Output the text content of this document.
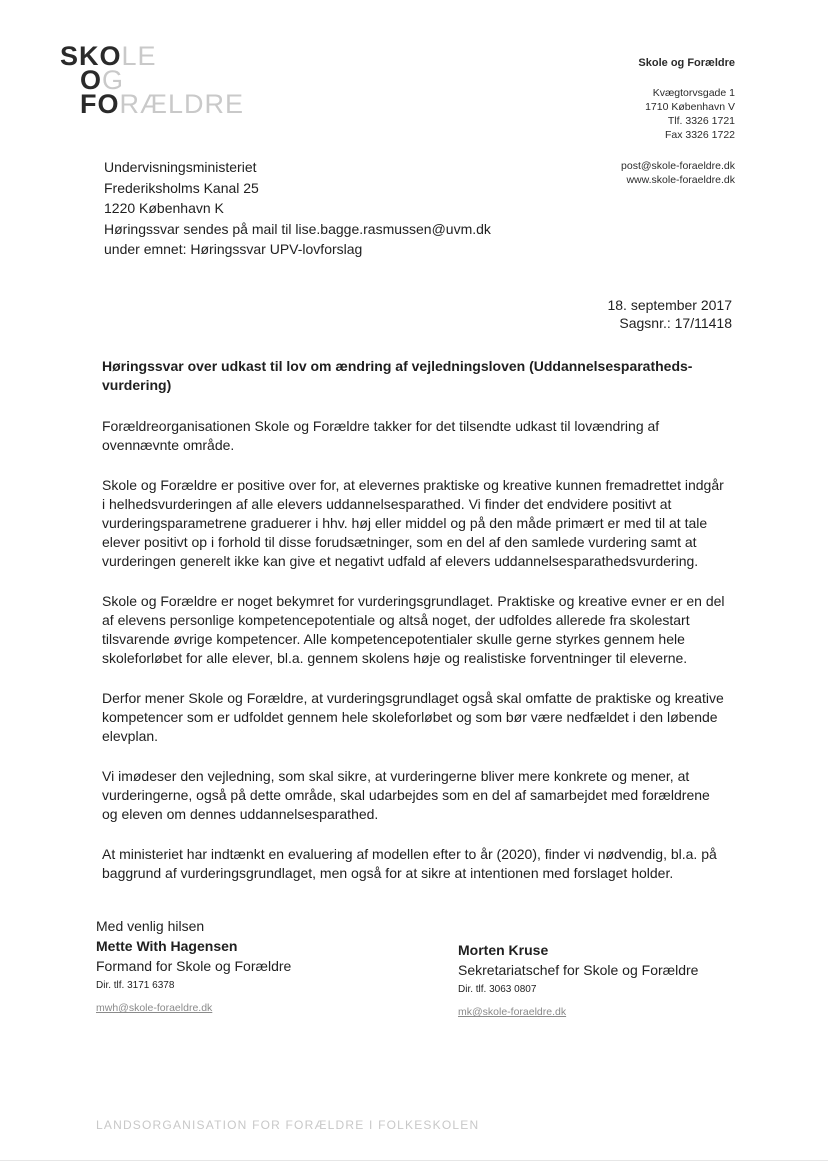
SKOLE
OG
FORÆLDRE
Skole og Forældre
Kvægtorvsgade 1
1710 København V
Tlf. 3326 1721
Fax 3326 1722
post@skole-foraeldre.dk
www.skole-foraeldre.dk
Undervisningsministeriet
Frederiksholms Kanal 25
1220 København K
Høringssvar sendes på mail til lise.bagge.rasmussen@uvm.dk
under emnet: Høringssvar UPV-lovforslag
18. september 2017
Sagsnr.: 17/11418
Høringssvar over udkast til lov om ændring af vejledningsloven (Uddannelsesparatheds-vurdering)

Forældreorganisationen Skole og Forældre takker for det tilsendte udkast til lovændring af ovennævnte område.

Skole og Forældre er positive over for, at elevernes praktiske og kreative kunnen fremadrettet indgår i helhedsvurderingen af alle elevers uddannelsesparathed. Vi finder det endvidere positivt at vurderingsparametrene graduerer i hhv. høj eller middel og på den måde primært er med til at tale elever positivt op i forhold til disse forudsætninger, som en del af den samlede vurdering samt at vurderingen generelt ikke kan give et negativt udfald af elevers uddannelsesparathedsvurdering.

Skole og Forældre er noget bekymret for vurderingsgrundlaget. Praktiske og kreative evner er en del af elevens personlige kompetencepotentiale og altså noget, der udfoldes allerede fra skolestart tilsvarende øvrige kompetencer. Alle kompetencepotentialer skulle gerne styrkes gennem hele skoleforløbet for alle elever, bl.a. gennem skolens høje og realistiske forventninger til eleverne.

Derfor mener Skole og Forældre, at vurderingsgrundlaget også skal omfatte de praktiske og kreative kompetencer som er udfoldet gennem hele skoleforløbet og som bør være nedfældet i den løbende elevplan.

Vi imødeser den vejledning, som skal sikre, at vurderingerne bliver mere konkrete og mener, at vurderingerne, også på dette område, skal udarbejdes som en del af samarbejdet med forældrene og eleven om dennes uddannelsesparathed.

At ministeriet har indtænkt en evaluering af modellen efter to år (2020), finder vi nødvendig, bl.a. på baggrund af vurderingsgrundlaget, men også for at sikre at intentionen med forslaget holder.

Med venlig hilsen
Mette With Hagensen
Formand for Skole og Forældre
Dir. tlf. 3171 6378
mwh@skole-foraeldre.dk
Morten Kruse
Sekretariatschef for Skole og Forældre
Dir. tlf. 3063 0807
mk@skole-foraeldre.dk
LANDSORGANISATION FOR FORÆLDRE I FOLKESKOLEN
